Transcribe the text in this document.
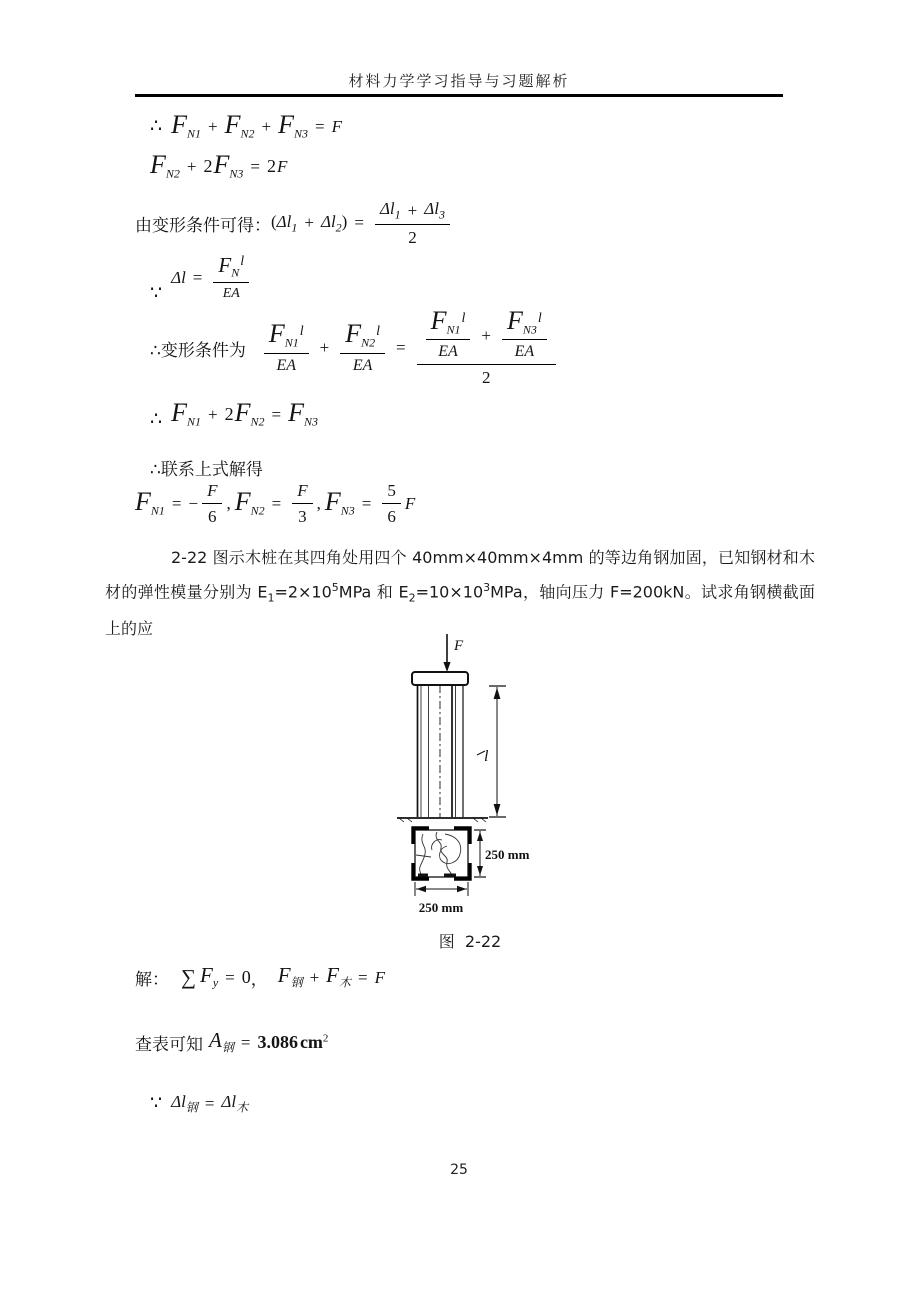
材料力学学习指导与习题解析
∴ $F_{N1} + F_{N2} + F_{N3} = F$
$F_{N2} + 2$ $F_{N3} = 2$ F
由变形条件可得： $(\Delta l_1 + \Delta l_2) = \frac{\Delta l_1 + \Delta l_3}{2}$
∵
$\Delta l = \frac{F_N^l}{EA}$
∴变形条件为 $\frac{F_{N1}^l}{EA} + \frac{F_{N2}^l}{EA} = \frac{F_{N1}^l}{EA} + \frac{F_{N3}^l}{EA}$
2
∴ $F_{N1} + 2$ $F_{N2} = F_{N3}$
∴联系上式解得
$F_{N1}$ = − $\frac{F}{6}$ , $F_{N2} = \frac{F}{3}$ , $F_{N3} = \frac{5}{6}$ F
2-22 图示木桩在其四角处用四个 40mm×40mm×4mm 的等边角钢加固，已知钢材和木材的弹性模量分别为 $E_1=2\times 10^5MPa$ 和 $E_2=10\times 10^3MPa$，轴向压力 F=200kN。试求角钢横截面上的应
F
l
250 mm
250 mm
图  2-22
解： ∑ $F_y = 0$ ， $F_钢 + F_木 = F$
查表可知 $A_钢 = 3.086$ $cm^2$
∵ $\Delta l_钢 = \Delta l_木$
25
